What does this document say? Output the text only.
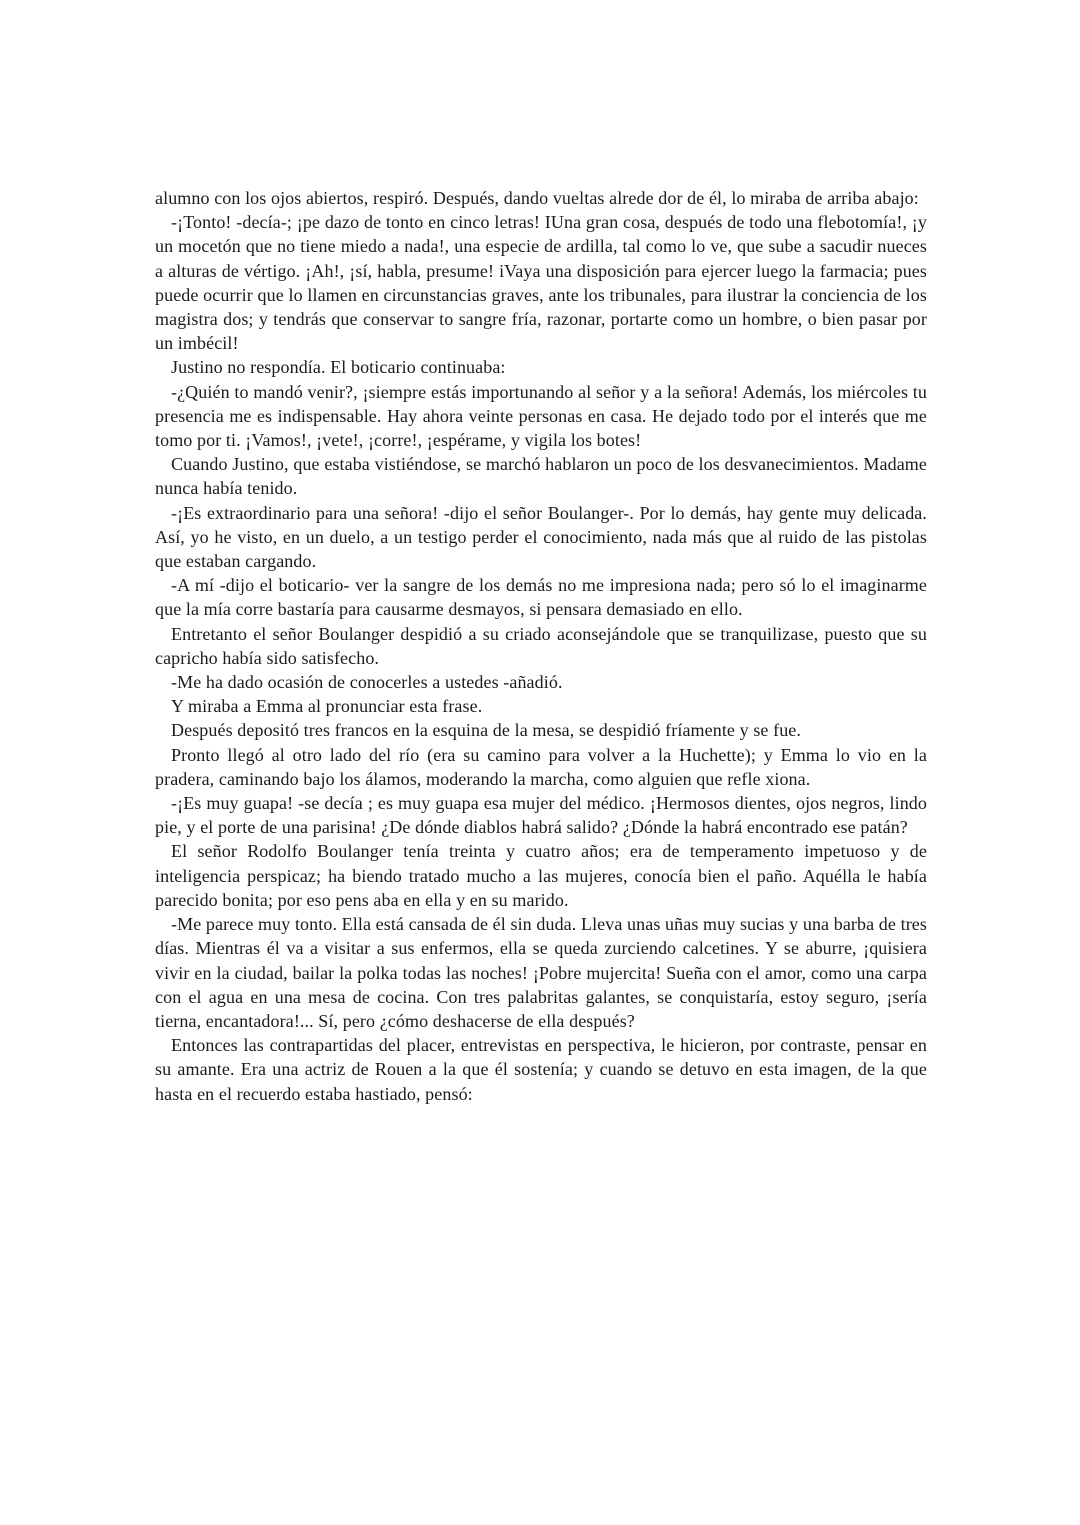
alumno con los ojos abiertos, respiró. Después, dando vueltas alrede dor de él, lo miraba de arriba abajo:

-¡Tonto! -decía-; ¡pe dazo de tonto en cinco letras! IUna gran cosa, después de todo una flebotomía!, ¡y un mocetón que no tiene miedo a nada!, una especie de ardilla, tal como lo ve, que sube a sacudir nueces a alturas de vértigo. ¡Ah!, ¡sí, habla, presume! iVaya una disposición para ejercer luego la farmacia; pues puede ocurrir que lo llamen en circunstancias graves, ante los tribunales, para ilustrar la conciencia de los magistra dos; y tendrás que conservar to sangre fría, razonar, portarte como un hombre, o bien pasar por un imbécil!

Justino no respondía. El boticario continuaba:

-¿Quién to mandó venir?, ¡siempre estás importunando al señor y a la señora! Además, los miércoles tu presencia me es indispensable. Hay ahora veinte personas en casa. He dejado todo por el interés que me tomo por ti. ¡Vamos!, ¡vete!, ¡corre!, ¡espérame, y vigila los botes!

Cuando Justino, que estaba vistiéndose, se marchó hablaron un poco de los desvanecimientos. Madame nunca había tenido.

-¡Es extraordinario para una señora! -dijo el señor Boulanger-. Por lo demás, hay gente muy delicada. Así, yo he visto, en un duelo, a un testigo perder el conocimiento, nada más que al ruido de las pistolas que estaban cargando.

-A mí -dijo el boticario- ver la sangre de los demás no me impresiona nada; pero só lo el imaginarme que la mía corre bastaría para causarme desmayos, si pensara demasiado en ello.

Entretanto el señor Boulanger despidió a su criado aconsejándole que se tranquilizase, puesto que su capricho había sido satisfecho.

-Me ha dado ocasión de conocerles a ustedes -añadió.

Y miraba a Emma al pronunciar esta frase.

Después depositó tres francos en la esquina de la mesa, se despidió fríamente y se fue.

Pronto llegó al otro lado del río (era su camino para volver a la Huchette); y Emma lo vio en la pradera, caminando bajo los álamos, moderando la marcha, como alguien que refle xiona.

-¡Es muy guapa! -se decía ; es muy guapa esa mujer del médico. ¡Hermosos dientes, ojos negros, lindo pie, y el porte de una parisina! ¿De dónde diablos habrá salido? ¿Dónde la habrá encontrado ese patán?

El señor Rodolfo Boulanger tenía treinta y cuatro años; era de temperamento impetuoso y de inteligencia perspicaz; ha biendo tratado mucho a las mujeres, conocía bien el paño. Aquélla le había parecido bonita; por eso pens aba en ella y en su marido.

-Me parece muy tonto. Ella está cansada de él sin duda. Lleva unas uñas muy sucias y una barba de tres días. Mientras él va a visitar a sus enfermos, ella se queda zurciendo calcetines. Y se aburre, ¡quisiera vivir en la ciudad, bailar la polka todas las noches! ¡Pobre mujercita! Sueña con el amor, como una carpa con el agua en una mesa de cocina. Con tres palabritas galantes, se conquistaría, estoy seguro, ¡sería tierna, encantadora!... Sí, pero ¿cómo deshacerse de ella después?

Entonces las contrapartidas del placer, entrevistas en perspectiva, le hicieron, por contraste, pensar en su amante. Era una actriz de Rouen a la que él sostenía; y cuando se detuvo en esta imagen, de la que hasta en el recuerdo estaba hastiado, pensó:
